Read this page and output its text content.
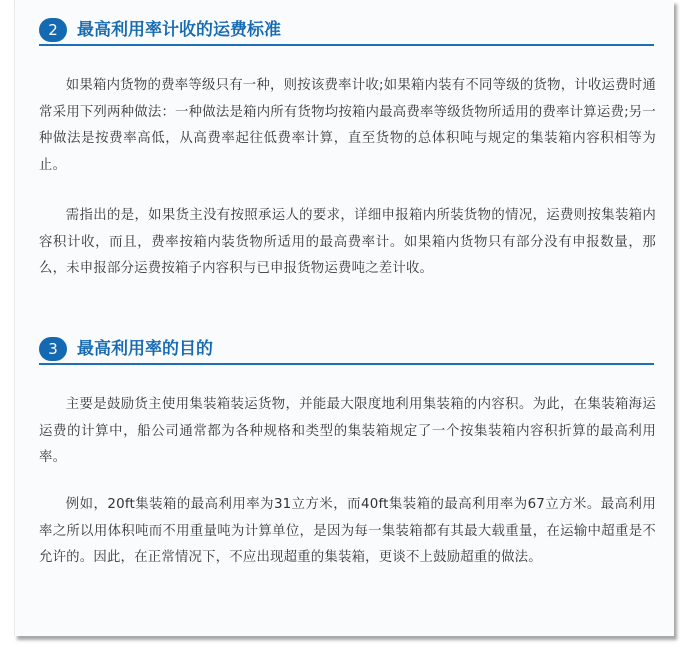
2	最高利用率计收的运费标准

如果箱内货物的费率等级只有一种，则按该费率计收;如果箱内装有不同等级的货物，计收运费时通常采用下列两种做法：一种做法是箱内所有货物均按箱内最高费率等级货物所适用的费率计算运费;另一种做法是按费率高低，从高费率起往低费率计算，直至货物的总体积吨与规定的集装箱内容积相等为止。

需指出的是，如果货主没有按照承运人的要求，详细申报箱内所装货物的情况，运费则按集装箱内容积计收，而且，费率按箱内装货物所适用的最高费率计。如果箱内货物只有部分没有申报数量，那么，未申报部分运费按箱子内容积与已申报货物运费吨之差计收。

3	最高利用率的目的

主要是鼓励货主使用集装箱装运货物，并能最大限度地利用集装箱的内容积。为此，在集装箱海运运费的计算中，船公司通常都为各种规格和类型的集装箱规定了一个按集装箱内容积折算的最高利用率。

例如，20ft集装箱的最高利用率为31立方米，而40ft集装箱的最高利用率为67立方米。最高利用率之所以用体积吨而不用重量吨为计算单位，是因为每一集装箱都有其最大载重量，在运输中超重是不允许的。因此，在正常情况下，不应出现超重的集装箱，更谈不上鼓励超重的做法。
